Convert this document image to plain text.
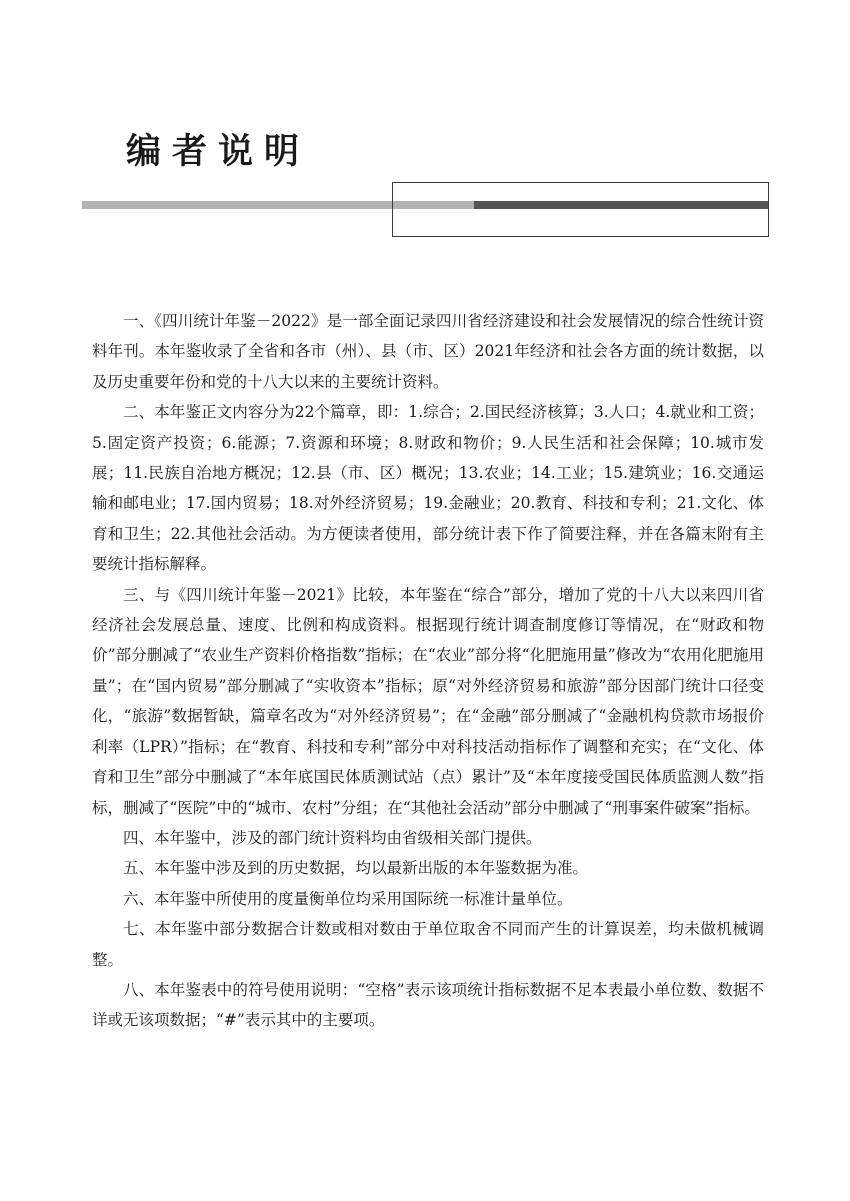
编者说明

一、《四川统计年鉴－2022》是一部全面记录四川省经济建设和社会发展情况的综合性统计资料年刊。本年鉴收录了全省和各市（州）、县（市、区）2021年经济和社会各方面的统计数据，以及历史重要年份和党的十八大以来的主要统计资料。

二、本年鉴正文内容分为22个篇章，即：1.综合；2.国民经济核算；3.人口；4.就业和工资；5.固定资产投资；6.能源；7.资源和环境；8.财政和物价；9.人民生活和社会保障；10.城市发展；11.民族自治地方概况；12.县（市、区）概况；13.农业；14.工业；15.建筑业；16.交通运输和邮电业；17.国内贸易；18.对外经济贸易；19.金融业；20.教育、科技和专利；21.文化、体育和卫生；22.其他社会活动。为方便读者使用，部分统计表下作了简要注释，并在各篇末附有主要统计指标解释。

三、与《四川统计年鉴－2021》比较，本年鉴在“综合”部分，增加了党的十八大以来四川省经济社会发展总量、速度、比例和构成资料。根据现行统计调查制度修订等情况，在“财政和物价”部分删减了“农业生产资料价格指数”指标；在“农业”部分将“化肥施用量”修改为“农用化肥施用量”；在“国内贸易”部分删减了“实收资本”指标；原“对外经济贸易和旅游”部分因部门统计口径变化，“旅游”数据暂缺，篇章名改为“对外经济贸易”；在“金融”部分删减了“金融机构贷款市场报价利率（LPR）”指标；在“教育、科技和专利”部分中对科技活动指标作了调整和充实；在“文化、体育和卫生”部分中删减了“本年底国民体质测试站（点）累计”及“本年度接受国民体质监测人数”指标，删减了“医院”中的“城市、农村”分组；在“其他社会活动”部分中删减了“刑事案件破案”指标。

四、本年鉴中，涉及的部门统计资料均由省级相关部门提供。

五、本年鉴中涉及到的历史数据，均以最新出版的本年鉴数据为准。

六、本年鉴中所使用的度量衡单位均采用国际统一标准计量单位。

七、本年鉴中部分数据合计数或相对数由于单位取舍不同而产生的计算误差，均未做机械调整。

八、本年鉴表中的符号使用说明：“空格”表示该项统计指标数据不足本表最小单位数、数据不详或无该项数据；“#”表示其中的主要项。
